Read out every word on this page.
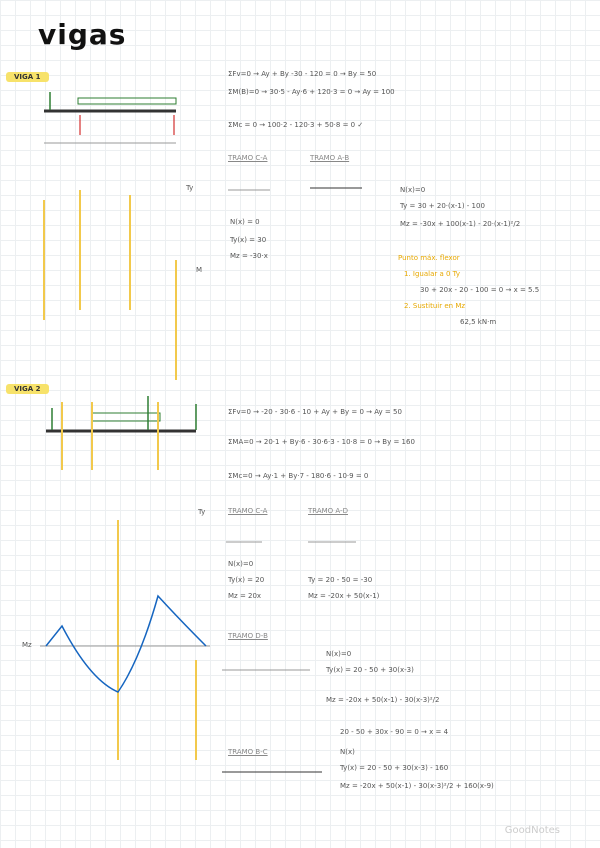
vigas
VIGA 1	ΣFv=0 → Ay + By -30 - 120 = 0 → By = 50
ΣM(B)=0 → 30·5 - Ay·6 + 120·3 = 0 → Ay = 100
ΣMc = 0 → 100·2 - 120·3 + 50·8 = 0 ✓
TRAMO C-A	TRAMO A-B
N(x) = 0
Ty(x) = 30
Mz = -30·x
N(x)=0
Ty = 30 + 20·(x-1) - 100
Mz = -30x + 100(x-1) - 20·(x-1)²/2
Punto máx. flexor
1. Igualar a 0 Ty
30 + 20x - 20 - 100 = 0 → x = 5.5
2. Sustituir en Mz
62,5 kN·m
Ty
M
VIGA 2
ΣFv=0 → -20 - 30·6 - 10 + Ay + By = 0 → Ay = 50
ΣMA=0 → 20·1 + By·6 - 30·6·3 - 10·8 = 0 → By = 160
ΣMc=0 → Ay·1 + By·7 - 180·6 - 10·9 = 0
TRAMO C-A	TRAMO A-D
N(x)=0
Ty(x) = 20
Mz = 20x
Ty = 20 - 50 = -30
Mz = -20x + 50(x-1)
TRAMO D-B
N(x)=0
Ty(x) = 20 - 50 + 30(x-3)
Mz = -20x + 50(x-1) - 30(x-3)²/2
20 - 50 + 30x - 90 = 0 → x = 4
TRAMO B-C	N(x)
Ty(x) = 20 - 50 + 30(x-3) - 160
Mz = -20x + 50(x-1) - 30(x-3)²/2 + 160(x-9)
Mz
Ty
GoodNotes
